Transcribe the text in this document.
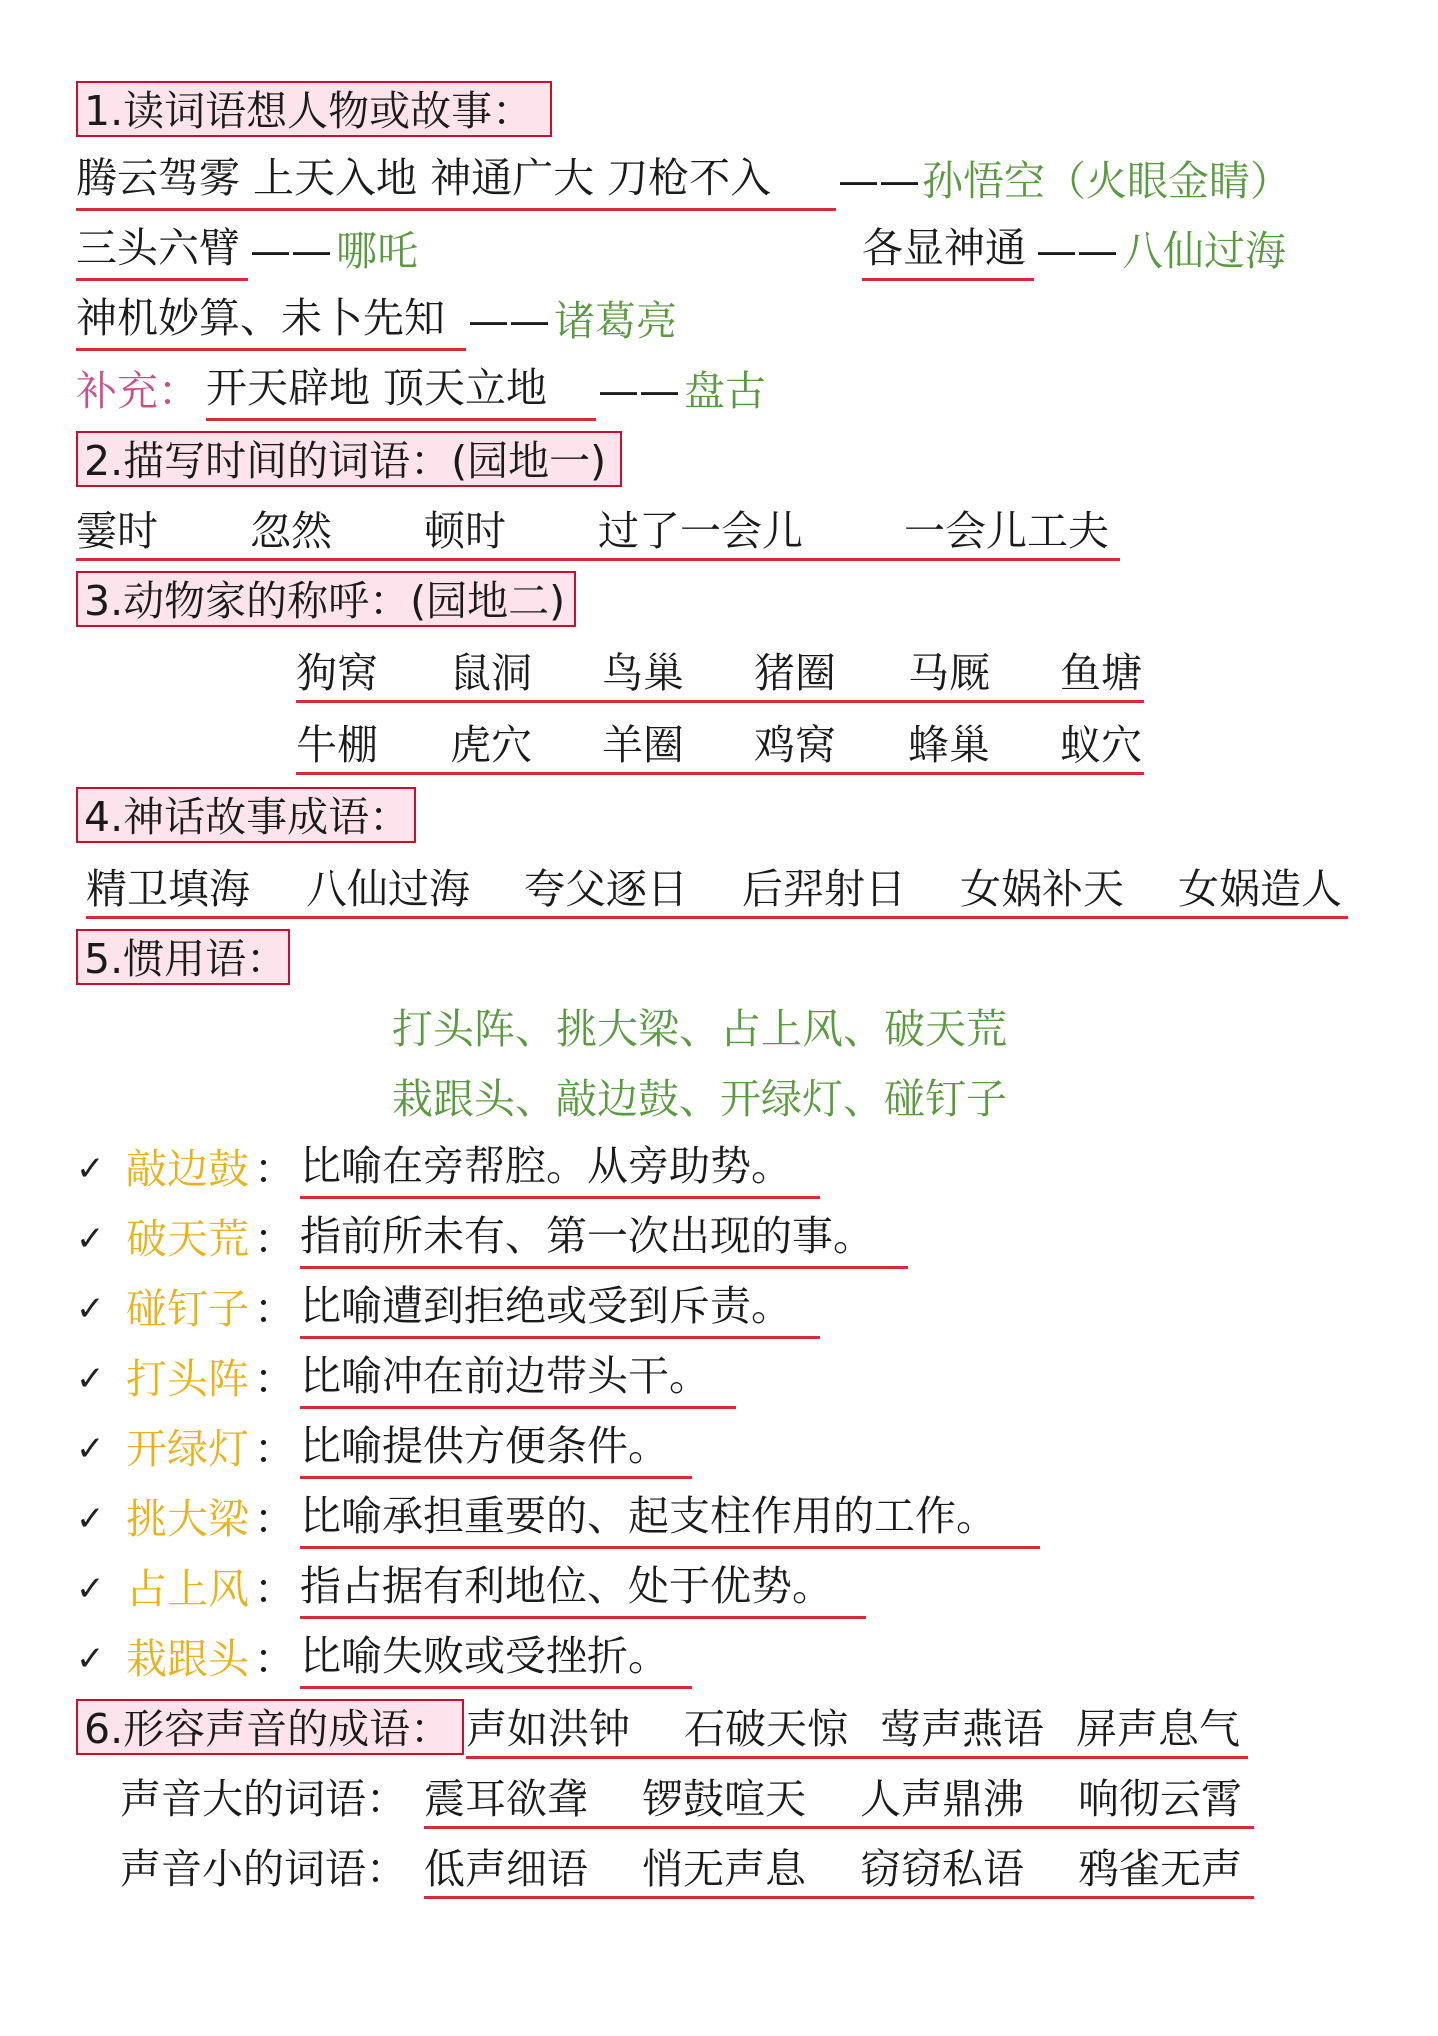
1.读词语想人物或故事：
腾云驾雾 上天入地 神通广大 刀枪不入	—— 孙悟空（火眼金睛）
三头六臂 —— 哪吒	各显神通 —— 八仙过海
神机妙算、未卜先知 —— 诸葛亮
补充： 开天辟地 顶天立地	—— 盘古
2.描写时间的词语：(园地一)

霎时 忽然 顿时 过了一会儿 一会儿工夫
3.动物家的称呼：(园地二)

狗窝 鼠洞 鸟巢 猪圈 马厩 鱼塘

牛棚 虎穴 羊圈 鸡窝 蜂巢 蚁穴
4.神话故事成语：

精卫填海 八仙过海 夸父逐日 后羿射日 女娲补天 女娲造人
5.惯用语：
打头阵、挑大梁、占上风、破天荒
栽跟头、敲边鼓、开绿灯、碰钉子
✓ 敲边鼓 ： 比喻在旁帮腔。从旁助势。
✓ 破天荒 ： 指前所未有、第一次出现的事。
✓ 碰钉子 ： 比喻遭到拒绝或受到斥责。
✓ 打头阵 ： 比喻冲在前边带头干。
✓ 开绿灯 ： 比喻提供方便条件。
✓ 挑大梁 ： 比喻承担重要的、起支柱作用的工作。
✓ 占上风 ： 指占据有利地位、处于优势。
✓ 栽跟头 ： 比喻失败或受挫折。
6.形容声音的成语：
声如洪钟 石破天惊 莺声燕语 屏声息气
声音大的词语：
震耳欲聋 锣鼓喧天 人声鼎沸 响彻云霄
声音小的词语：
低声细语 悄无声息 窃窃私语 鸦雀无声
